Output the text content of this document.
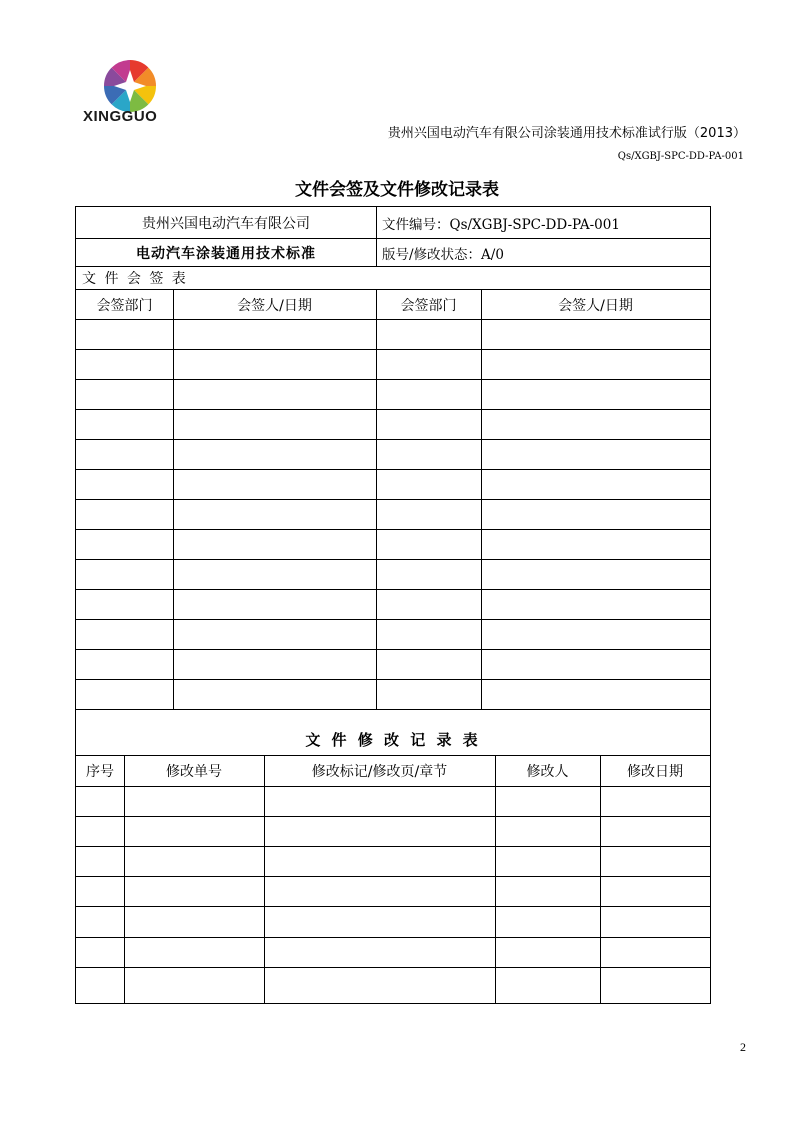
XINGGUO
贵州兴国电动汽车有限公司涂装通用技术标准试行版（2013）
Qs/XGBJ-SPC-DD-PA-001
文件会签及文件修改记录表
贵州兴国电动汽车有限公司	文件编号：Qs/XGBJ-SPC-DD-PA-001
电动汽车涂装通用技术标准	版号/修改状态：A/0
文 件 会 签 表
会签部门	会签人/日期	会签部门	会签人/日期
文 件 修 改 记 录 表
序号	修改单号	修改标记/修改页/章节	修改人	修改日期
2
